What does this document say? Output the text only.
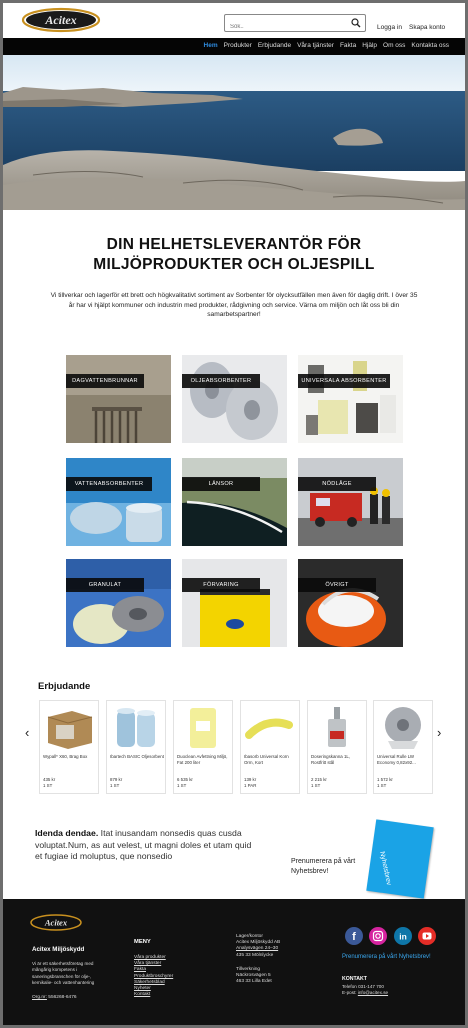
Acitex
Sök..
Logga in Skapa konto
Hem Produkter Erbjudande Våra tjänster Fakta Hjälp Om oss Kontakta oss
DIN HELHETSLEVERANTÖR FÖR MILJÖPRODUKTER OCH OLJESPILL

Vi tillverkar och lagerför ett brett och högkvalitativt sortiment av Sorbenter för olycksutfällen men även för daglig drift. I över 35 år har vi hjälpt kommuner och industrin med produkter, rådgivning och service. Värna om miljön och låt oss bli din samarbetspartner!

DAGVATTENBRUNNAR	OLJEABSORBENTER	UNIVERSALA ABSORBENTER
VATTENABSORBENTER	LÄNSOR	NÖDLÅGE
GRANULAT	FÖRVARING	ÖVRIGT
Erbjudande
‹	›
Wypall* X60, Brag Box
435 kr
1 ST
Ibartech BASIC Oljesorbent
879 kr
1 ST
Duoclean Avfettning Miljö, Fat 200 liter
6 535 kr
1 ST
Ibasorb Universal Korn Orm, Kort
139 kr
1 PAR
Doseringskanna 1L, Rostfritt stål
2 215 kr
1 ST
Universal Rulle LW Economy 0,82x92...
1 572 kr
1 ST
Idenda dendae. Itat inusandam nonsedis quas cusda voluptat.Num, as aut velest, ut magni doles et utam quid et fugiae id moluptus, que nonsedio
Prenumerera på vårt Nyhetsbrev!	Nyhetsbrev
Acitex
Acitex Miljöskydd
Vi är ett säkerhetsföretag med mångårig kompetens i saneringsbranschen för olje-, kemikalie- och vattenhantering
Org.nr: 556268-6476
MENY
Våra produkter
Våra tjänster
Fakta
Produktbroschyrer
Säkerhetsblad
Nyheter
Kontakt
Lager/kontor
Acitex Miljöskydd AB
Analysvägen 24–30
435 33 Mölnlycke
Tillverkning
Näckrosvägen 5
463 33 Lilla Edet
f	in
Prenumerera på vårt Nyhetsbrev!
KONTAKT
Telefon 031-147 700
E-post: info@acitex.se
